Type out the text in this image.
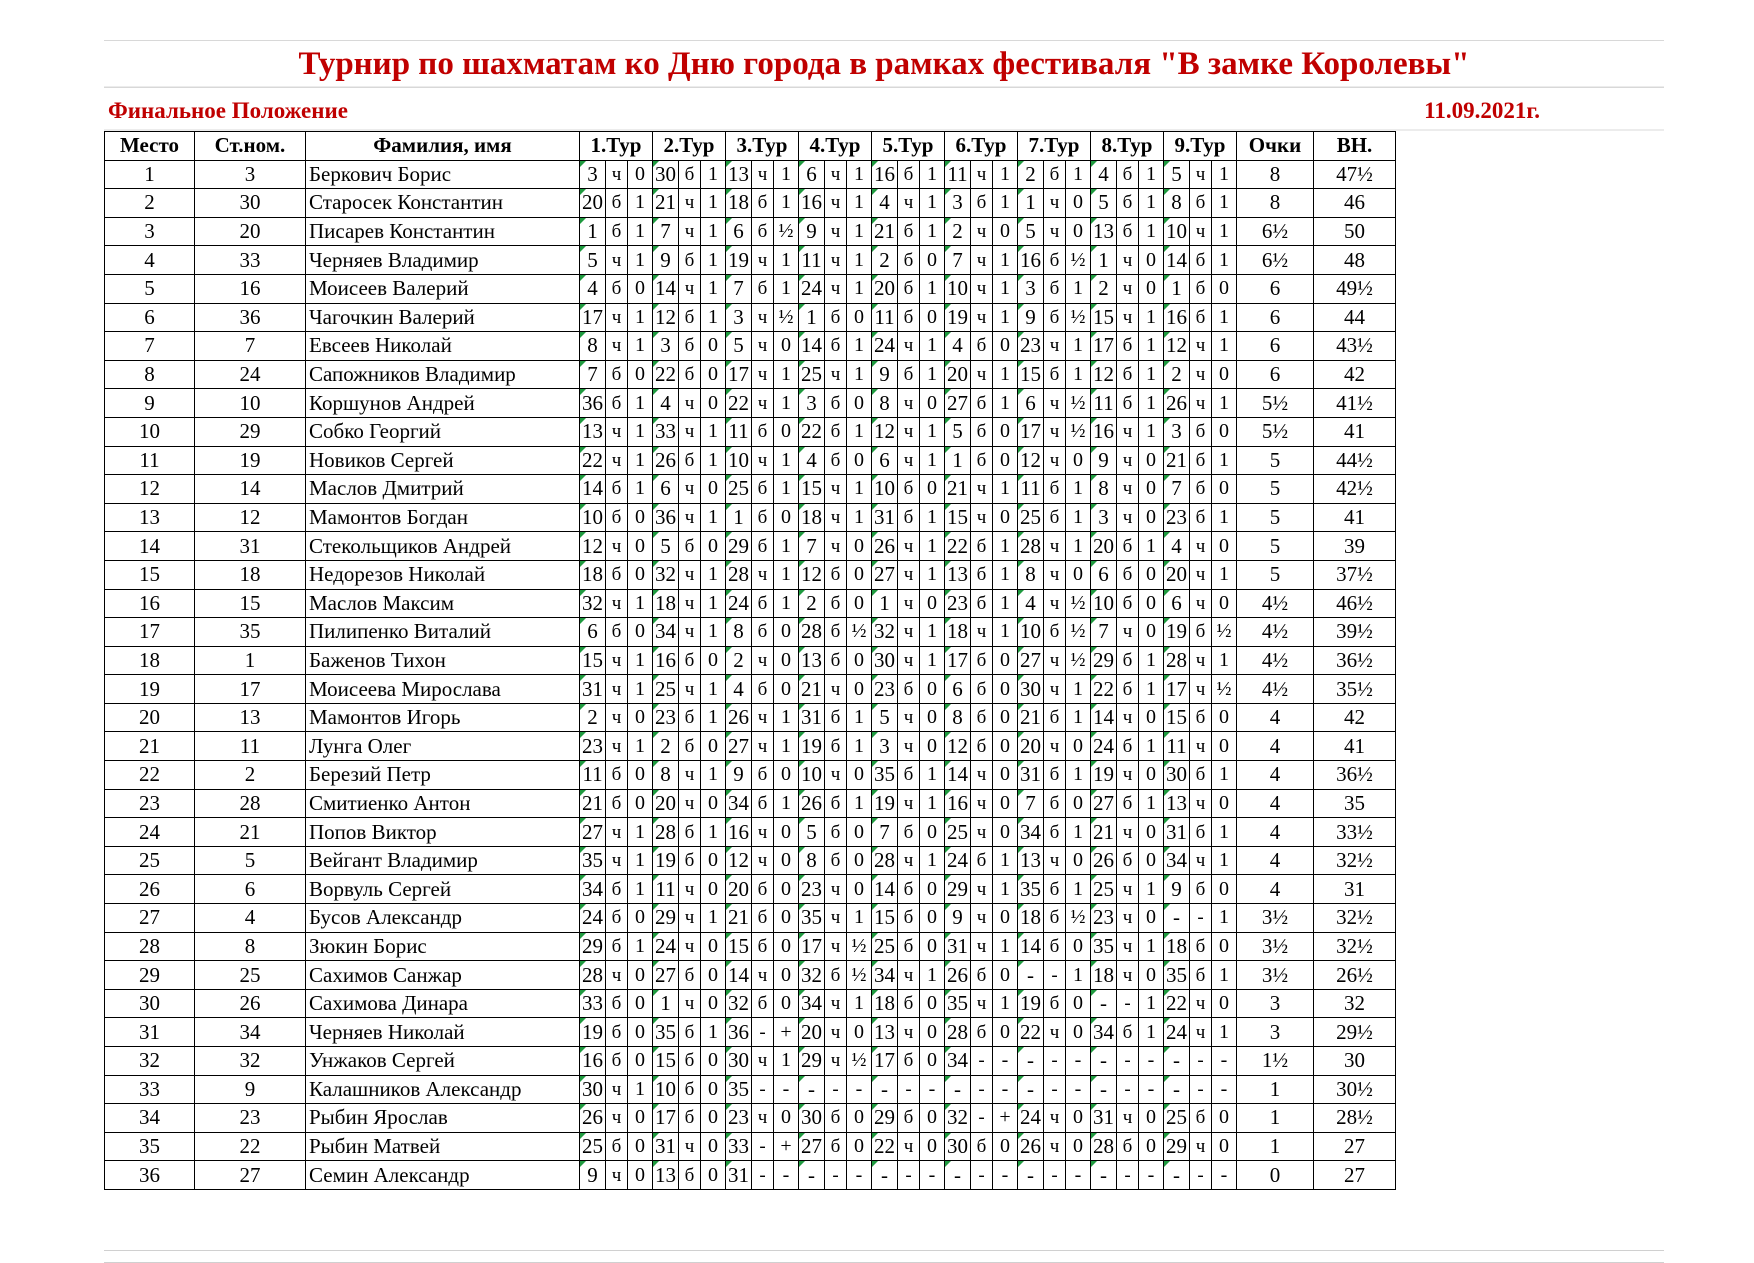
Турнир по шахматам ко Дню города в рамках фестиваля "В замке Королевы"
Финальное Положение	11.09.2021г.
Место	Ст.ном.	Фамилия, имя	1.Тур			2.Тур			3.Тур			4.Тур			5.Тур			6.Тур			7.Тур			8.Тур			9.Тур			Очки	ВН.
1	3	Беркович Борис	3	ч	0	30	б	1	13	ч	1	6	ч	1	16	б	1	11	ч	1	2	б	1	4	б	1	5	ч	1	8	47½
2	30	Старосек Константин	20	б	1	21	ч	1	18	б	1	16	ч	1	4	ч	1	3	б	1	1	ч	0	5	б	1	8	б	1	8	46
3	20	Писарев Константин	1	б	1	7	ч	1	6	б	½	9	ч	1	21	б	1	2	ч	0	5	ч	0	13	б	1	10	ч	1	6½	50
4	33	Черняев Владимир	5	ч	1	9	б	1	19	ч	1	11	ч	1	2	б	0	7	ч	1	16	б	½	1	ч	0	14	б	1	6½	48
5	16	Моисеев Валерий	4	б	0	14	ч	1	7	б	1	24	ч	1	20	б	1	10	ч	1	3	б	1	2	ч	0	1	б	0	6	49½
6	36	Чагочкин Валерий	17	ч	1	12	б	1	3	ч	½	1	б	0	11	б	0	19	ч	1	9	б	½	15	ч	1	16	б	1	6	44
7	7	Евсеев Николай	8	ч	1	3	б	0	5	ч	0	14	б	1	24	ч	1	4	б	0	23	ч	1	17	б	1	12	ч	1	6	43½
8	24	Сапожников Владимир	7	б	0	22	б	0	17	ч	1	25	ч	1	9	б	1	20	ч	1	15	б	1	12	б	1	2	ч	0	6	42
9	10	Коршунов Андрей	36	б	1	4	ч	0	22	ч	1	3	б	0	8	ч	0	27	б	1	6	ч	½	11	б	1	26	ч	1	5½	41½
10	29	Собко Георгий	13	ч	1	33	ч	1	11	б	0	22	б	1	12	ч	1	5	б	0	17	ч	½	16	ч	1	3	б	0	5½	41
11	19	Новиков Сергей	22	ч	1	26	б	1	10	ч	1	4	б	0	6	ч	1	1	б	0	12	ч	0	9	ч	0	21	б	1	5	44½
12	14	Маслов Дмитрий	14	б	1	6	ч	0	25	б	1	15	ч	1	10	б	0	21	ч	1	11	б	1	8	ч	0	7	б	0	5	42½
13	12	Мамонтов Богдан	10	б	0	36	ч	1	1	б	0	18	ч	1	31	б	1	15	ч	0	25	б	1	3	ч	0	23	б	1	5	41
14	31	Стекольщиков Андрей	12	ч	0	5	б	0	29	б	1	7	ч	0	26	ч	1	22	б	1	28	ч	1	20	б	1	4	ч	0	5	39
15	18	Недорезов Николай	18	б	0	32	ч	1	28	ч	1	12	б	0	27	ч	1	13	б	1	8	ч	0	6	б	0	20	ч	1	5	37½
16	15	Маслов Максим	32	ч	1	18	ч	1	24	б	1	2	б	0	1	ч	0	23	б	1	4	ч	½	10	б	0	6	ч	0	4½	46½
17	35	Пилипенко Виталий	6	б	0	34	ч	1	8	б	0	28	б	½	32	ч	1	18	ч	1	10	б	½	7	ч	0	19	б	½	4½	39½
18	1	Баженов Тихон	15	ч	1	16	б	0	2	ч	0	13	б	0	30	ч	1	17	б	0	27	ч	½	29	б	1	28	ч	1	4½	36½
19	17	Моисеева Мирослава	31	ч	1	25	ч	1	4	б	0	21	ч	0	23	б	0	6	б	0	30	ч	1	22	б	1	17	ч	½	4½	35½
20	13	Мамонтов Игорь	2	ч	0	23	б	1	26	ч	1	31	б	1	5	ч	0	8	б	0	21	б	1	14	ч	0	15	б	0	4	42
21	11	Лунга Олег	23	ч	1	2	б	0	27	ч	1	19	б	1	3	ч	0	12	б	0	20	ч	0	24	б	1	11	ч	0	4	41
22	2	Березий Петр	11	б	0	8	ч	1	9	б	0	10	ч	0	35	б	1	14	ч	0	31	б	1	19	ч	0	30	б	1	4	36½
23	28	Смитиенко Антон	21	б	0	20	ч	0	34	б	1	26	б	1	19	ч	1	16	ч	0	7	б	0	27	б	1	13	ч	0	4	35
24	21	Попов Виктор	27	ч	1	28	б	1	16	ч	0	5	б	0	7	б	0	25	ч	0	34	б	1	21	ч	0	31	б	1	4	33½
25	5	Вейгант Владимир	35	ч	1	19	б	0	12	ч	0	8	б	0	28	ч	1	24	б	1	13	ч	0	26	б	0	34	ч	1	4	32½
26	6	Ворвуль Сергей	34	б	1	11	ч	0	20	б	0	23	ч	0	14	б	0	29	ч	1	35	б	1	25	ч	1	9	б	0	4	31
27	4	Бусов Александр	24	б	0	29	ч	1	21	б	0	35	ч	1	15	б	0	9	ч	0	18	б	½	23	ч	0	-	-	1	3½	32½
28	8	Зюкин Борис	29	б	1	24	ч	0	15	б	0	17	ч	½	25	б	0	31	ч	1	14	б	0	35	ч	1	18	б	0	3½	32½
29	25	Сахимов Санжар	28	ч	0	27	б	0	14	ч	0	32	б	½	34	ч	1	26	б	0	-	-	1	18	ч	0	35	б	1	3½	26½
30	26	Сахимова Динара	33	б	0	1	ч	0	32	б	0	34	ч	1	18	б	0	35	ч	1	19	б	0	-	-	1	22	ч	0	3	32
31	34	Черняев Николай	19	б	0	35	б	1	36	-	+	20	ч	0	13	ч	0	28	б	0	22	ч	0	34	б	1	24	ч	1	3	29½
32	32	Унжаков Сергей	16	б	0	15	б	0	30	ч	1	29	ч	½	17	б	0	34	-	-	-	-	-	-	-	-	-	-	-	1½	30
33	9	Калашников Александр	30	ч	1	10	б	0	35	-	-	-	-	-	-	-	-	-	-	-	-	-	-	-	-	-	-	-	-	1	30½
34	23	Рыбин Ярослав	26	ч	0	17	б	0	23	ч	0	30	б	0	29	б	0	32	-	+	24	ч	0	31	ч	0	25	б	0	1	28½
35	22	Рыбин Матвей	25	б	0	31	ч	0	33	-	+	27	б	0	22	ч	0	30	б	0	26	ч	0	28	б	0	29	ч	0	1	27
36	27	Семин Александр	9	ч	0	13	б	0	31	-	-	-	-	-	-	-	-	-	-	-	-	-	-	-	-	-	-	-	-	0	27
